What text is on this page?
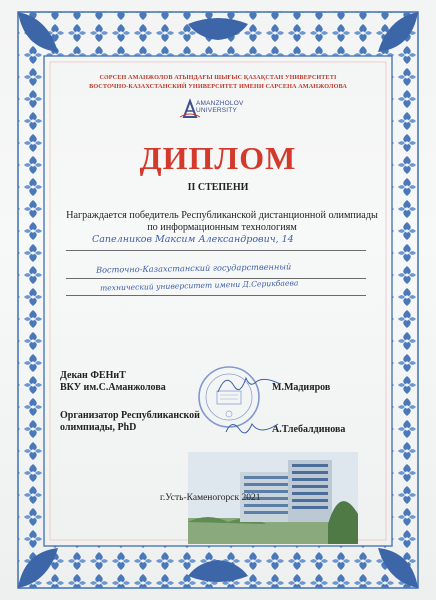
СӘРСЕН АМАНЖОЛОВ АТЫНДАҒЫ ШЫҒЫС ҚАЗАҚСТАН УНИВЕРСИТЕТІ
ВОСТОЧНО-КАЗАХСТАНСКИЙ УНИВЕРСИТЕТ ИМЕНИ САРСЕНА АМАНЖОЛОВА
AMANZHOLOV
UNIVERSITY
ДИПЛОМ
II СТЕПЕНИ
Награждается победитель Республиканской дистанционной олимпиады по информационным технологиям
Сапелников Максим Александрович, 14
Восточно-Казахстанский государственный
технический университет имени Д.Серикбаева
Декан ФЕНиТ
ВКУ им.С.Аманжолова	М.Мадияров
Организатор Республиканской
олимпиады, PhD	А.Тлебалдинова
г.Усть-Каменогорск 2021
